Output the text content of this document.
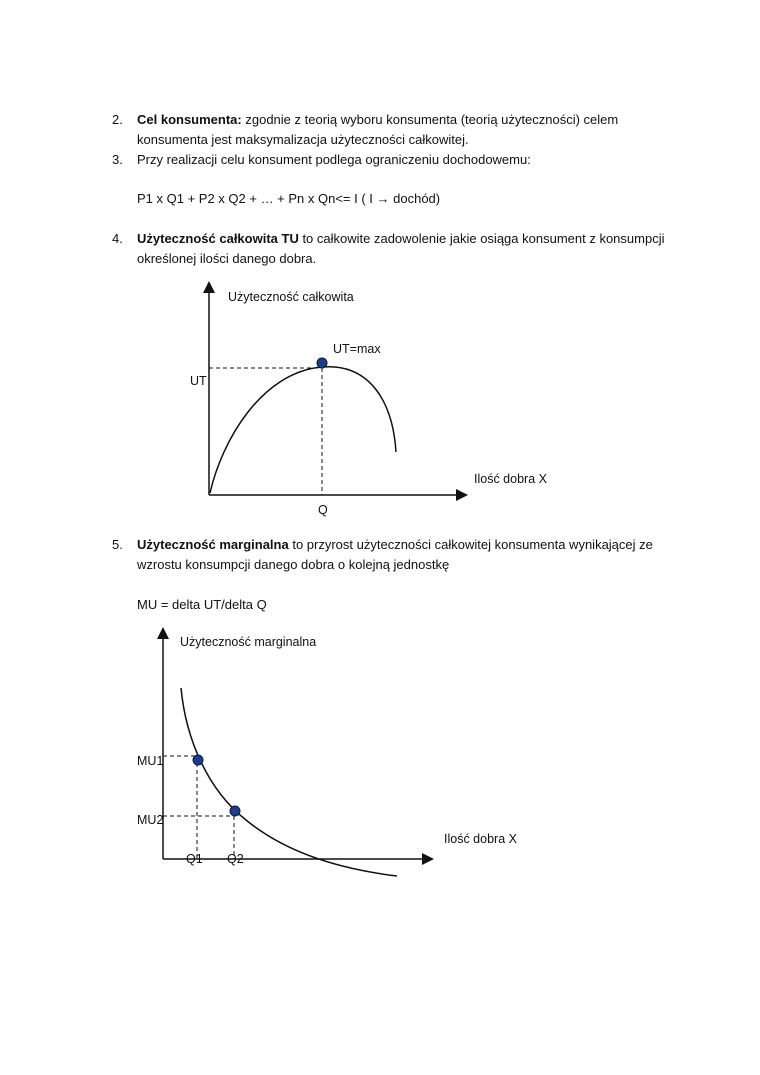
2. Cel konsumenta: zgodnie z teorią wyboru konsumenta (teorią użyteczności) celem
konsumenta jest maksymalizacja użyteczności całkowitej.
3. Przy realizacji celu konsument podlega ograniczeniu dochodowemu:
P1 x Q1 + P2 x Q2 + … + Pn x Qn<= I ( I → dochód)
4. Użyteczność całkowita TU to całkowite zadowolenie jakie osiąga konsument z konsumpcji
określonej ilości danego dobra.
5. Użyteczność marginalna to przyrost użyteczności całkowitej konsumenta wynikającej ze
wzrostu konsumpcji danego dobra o kolejną jednostkę
MU = delta UT/delta Q
Użyteczność całkowita
UT=max
UT
Q
Ilość dobra X
Użyteczność marginalna
MU1
MU2
Q1 Q2
Ilość dobra X
